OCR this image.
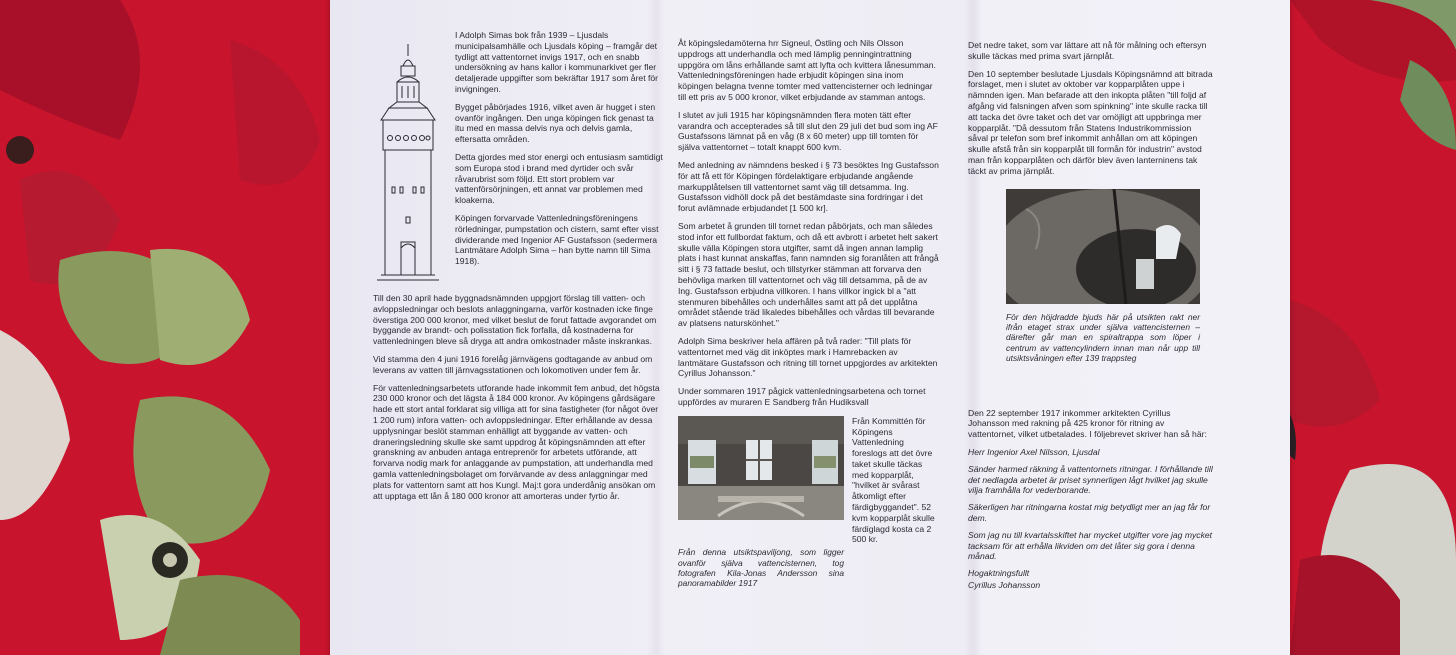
I Adolph Simas bok från 1939 – Ljusdals municipalsamhälle och Ljusdals köping – framgår det tydligt att vattentornet invigs 1917, och en snabb undersökning av hans kallor i kommunarkivet ger fler detaljerade uppgifter som bekräftar 1917 som året för invigningen.

Bygget påbörjades 1916, vilket aven är hugget i sten ovanför ingången. Den unga köpingen fick genast ta itu med en massa delvis nya och delvis gamla, eftersatta områden.

Detta gjordes med stor energi och entusiasm samtidigt som Europa stod i brand med dyrtider och svår råvarubrist som följd. Ett stort problem var vattenförsörjningen, ett annat var problemen med kloakerna.

Köpingen forvarvade Vattenledningsföreningens rörledningar, pumpstation och cistern, samt efter visst dividerande med Ingenior AF Gustafsson (sedermera Lantmätare Adolph Sima – han bytte namn till Sima 1918).

Till den 30 april hade byggnadsnämnden uppgjort förslag till vatten- och avloppsledningar och beslots anlaggningarna, varför kostnaden icke finge överstiga 200 000 kronor, med vilket beslut de forut fattade avgorandet om byggande av brandt- och polisstation fick forfalla, då kostnaderna for vattenledningen bleve så dryga att andra omkostnader måste inskrankas.

Vid stamma den 4 juni 1916 forelåg järnvägens godtagande av anbud om leverans av vatten till järnvagsstationen och lokomotiven under fem år.

För vattenledningsarbetets utforande hade inkommit fem anbud, det högsta 230 000 kronor och det lägsta å 184 000 kronor. Av köpingens gårdsägare hade ett stort antal forklarat sig villiga att for sina fastigheter (for något över 1 200 rum) infora vatten- och avloppsledningar. Efter erhållande av dessa upplysningar beslöt stamman enhälligt att byggande av vatten- och draneringsledning skulle ske samt uppdrog åt köpingsnämnden att efter granskning av anbuden antaga entreprenör for arbetets utförande, att forvarva nodig mark for anlaggande av pumpstation, att underhandla med gamla vattenledningsbolaget om forvärvande av dess anlaggningar med plats for vattentorn samt att hos Kungl. Maj:t gora underdånig ansökan om att upptaga ett lån å 180 000 kronor att amorteras under fyrtio år.

Åt köpingsledamöterna hrr Signeul, Östling och Nils Olsson uppdrogs att underhandla och med lämplig penningintrattning uppgöra om låns erhållande samt att lyfta och kvittera lånesumman. Vattenledningsföreningen hade erbjudit köpingen sina inom köpingen belagna tvenne tomter med vattencisterner och ledningar till ett pris av 5 000 kronor, vilket erbjudande av stamman antogs.

I slutet av juli 1915 har köpingsnämnden flera moten tätt efter varandra och accepterades så till slut den 29 juli det bud som ing AF Gustafssons lämnat på en våg (8 x 60 meter) upp till tomten för själva vattentornet – totalt knappt 600 kvm.

Med anledning av nämndens besked i § 73 besöktes Ing Gustafsson för att få ett för Köpingen fördelaktigare erbjudande angående markupplåtelsen till vattentornet samt väg till detsamma. Ing. Gustafsson vidhöll dock på det bestämdaste sina fordringar i det forut avlämnade erbjudandet [1 500 kr].

Som arbetet å grunden till tornet redan påbörjats, och man således stod infor ett fullbordat faktum, och då ett avbrott i arbetet helt sakert skulle välla Köpingen stora utgifter, samt då ingen annan lamplig plats i hast kunnat anskaffas, fann namnden sig foranlåten att frångå sitt i § 73 fattade beslut, och tillstyrker stämman att forvarva den behövliga marken till vattentornet och väg till detsamma, på de av Ing. Gustafsson erbjudna villkoren. I hans villkor ingick bl a "att stenmuren bibehålles och underhålles samt att på det upplåtna området stående träd likaledes bibehålles och vårdas till bevarande av platsens naturskönhet."

Adolph Sima beskriver hela affären på två rader: "Till plats för vattentornet med väg dit inköptes mark i Hamrebacken av lantmätare Gustafsson och ritning till tornet uppgjordes av arkitekten Cyrillus Johansson."

Under sommaren 1917 pågick vattenledningsarbetena och tornet uppfördes av muraren E Sandberg från Hudiksvall

Från Kommittén för Köpingens Vattenledning foreslogs att det övre taket skulle täckas med kopparplåt, "hvilket är svårast åtkomligt efter färdigbyggandet". 52 kvm kopparplåt skulle färdiglagd kosta ca 2 500 kr.
Från denna utsiktspaviljong, som ligger ovanför själva vattencisternen, tog fotografen Kila-Jonas Andersson sina panoramabilder 1917

Det nedre taket, som var lättare att nå för målning och eftersyn skulle täckas med prima svart järnplåt.

Den 10 september beslutade Ljusdals Köpingsnämnd att bitrada forslaget, men i slutet av oktober var kopparplåten uppe i nämnden igen. Man befarade att den inkopta plåten "till foljd af afgång vid falsningen afven som spinkning" inte skulle racka till att tacka det övre taket och det var omöjligt att uppbringa mer kopparplåt. "Då dessutom från Statens Industrikommission såval pr telefon som bref inkommit anhållan om att köpingen skulle afstå från sin kopparplåt till formån för industrin" avstod man från kopparplåten och därför blev även lanterninens tak täckt av prima järnplåt.

För den höjdraddе bjuds här på utsikten rakt ner ifrån etaget strax under själva vattencisternen – därefter går man en spiraltrappa som löper i centrum av vattencylindern innan man når upp till utsiktsvåningen efter 139 trappsteg

Den 22 september 1917 inkommer arkitekten Cyrillus Johansson med rakning på 425 kronor för ritning av vattentornet, vilket utbetalades. I följebrevet skriver han så här:

Herr Ingenior Axel Nilsson, Ljusdal

Sänder harmed räkning å vattentornets ritningar. I förhållande till det nedlagda arbetet är priset synnerligen lågt hvilket jag skulle vilja framhålla for vederborande.

Säkerligen har ritningarna kostat mig betydligt mer an jag får for dem.

Som jag nu till kvartalsskiftet har mycket utgifter vore jag mycket tacksam för att erhålla likviden om det låter sig gora i denna månad.

Hogaktningsfullt

Cyrillus Johansson
